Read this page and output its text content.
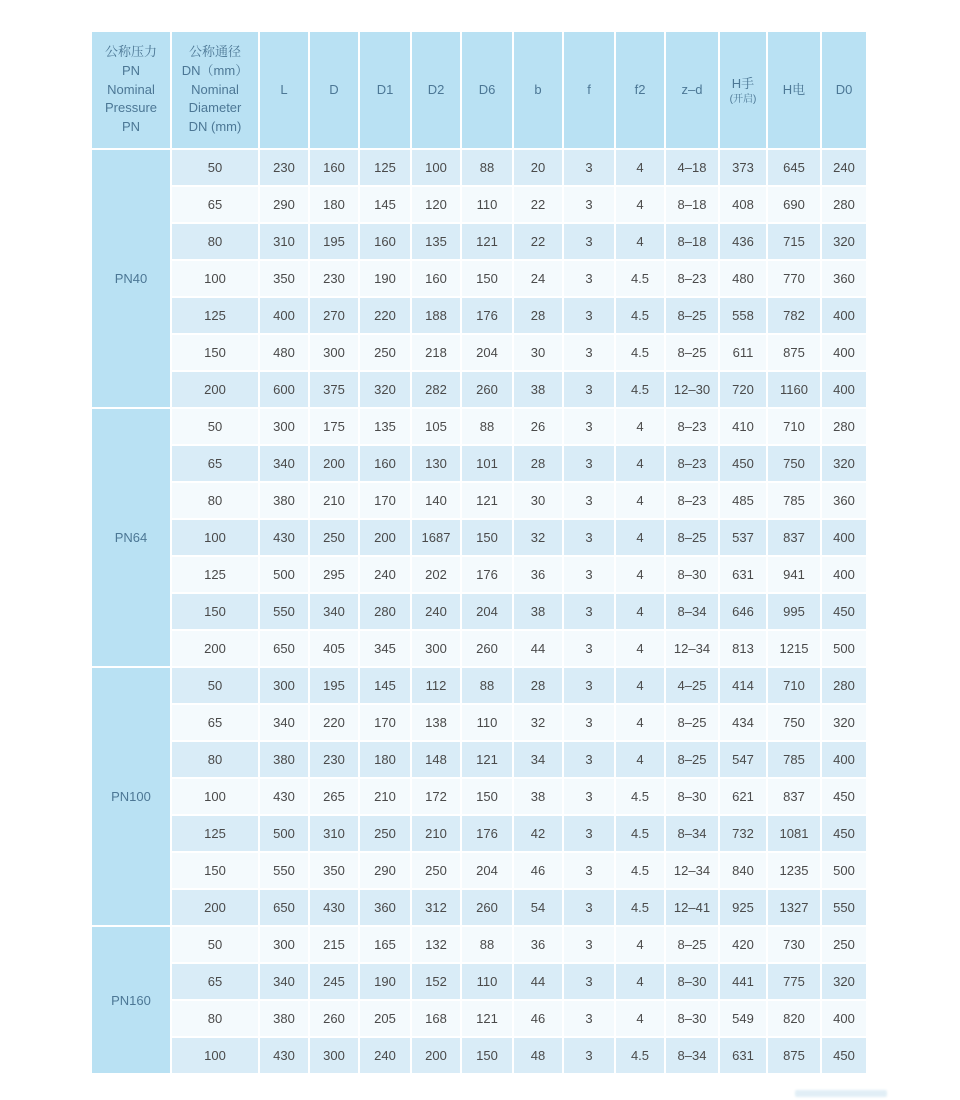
公称压力
PN
Nominal
Pressure
PN	公称通径
DN（mm）
Nominal
Diameter
DN (mm)	L	D	D1	D2	D6	b	f	f2	z–d	H手
(开启)	H电	D0
PN40	50	230	160	125	100	88	20	3	4	4–18	373	645	240
	65	290	180	145	120	110	22	3	4	8–18	408	690	280
	80	310	195	160	135	121	22	3	4	8–18	436	715	320
	100	350	230	190	160	150	24	3	4.5	8–23	480	770	360
	125	400	270	220	188	176	28	3	4.5	8–25	558	782	400
	150	480	300	250	218	204	30	3	4.5	8–25	611	875	400
	200	600	375	320	282	260	38	3	4.5	12–30	720	1160	400
PN64	50	300	175	135	105	88	26	3	4	8–23	410	710	280
	65	340	200	160	130	101	28	3	4	8–23	450	750	320
	80	380	210	170	140	121	30	3	4	8–23	485	785	360
	100	430	250	200	1687	150	32	3	4	8–25	537	837	400
	125	500	295	240	202	176	36	3	4	8–30	631	941	400
	150	550	340	280	240	204	38	3	4	8–34	646	995	450
	200	650	405	345	300	260	44	3	4	12–34	813	1215	500
PN100	50	300	195	145	112	88	28	3	4	4–25	414	710	280
	65	340	220	170	138	110	32	3	4	8–25	434	750	320
	80	380	230	180	148	121	34	3	4	8–25	547	785	400
	100	430	265	210	172	150	38	3	4.5	8–30	621	837	450
	125	500	310	250	210	176	42	3	4.5	8–34	732	1081	450
	150	550	350	290	250	204	46	3	4.5	12–34	840	1235	500
	200	650	430	360	312	260	54	3	4.5	12–41	925	1327	550
PN160	50	300	215	165	132	88	36	3	4	8–25	420	730	250
	65	340	245	190	152	110	44	3	4	8–30	441	775	320
	80	380	260	205	168	121	46	3	4	8–30	549	820	400
	100	430	300	240	200	150	48	3	4.5	8–34	631	875	450
